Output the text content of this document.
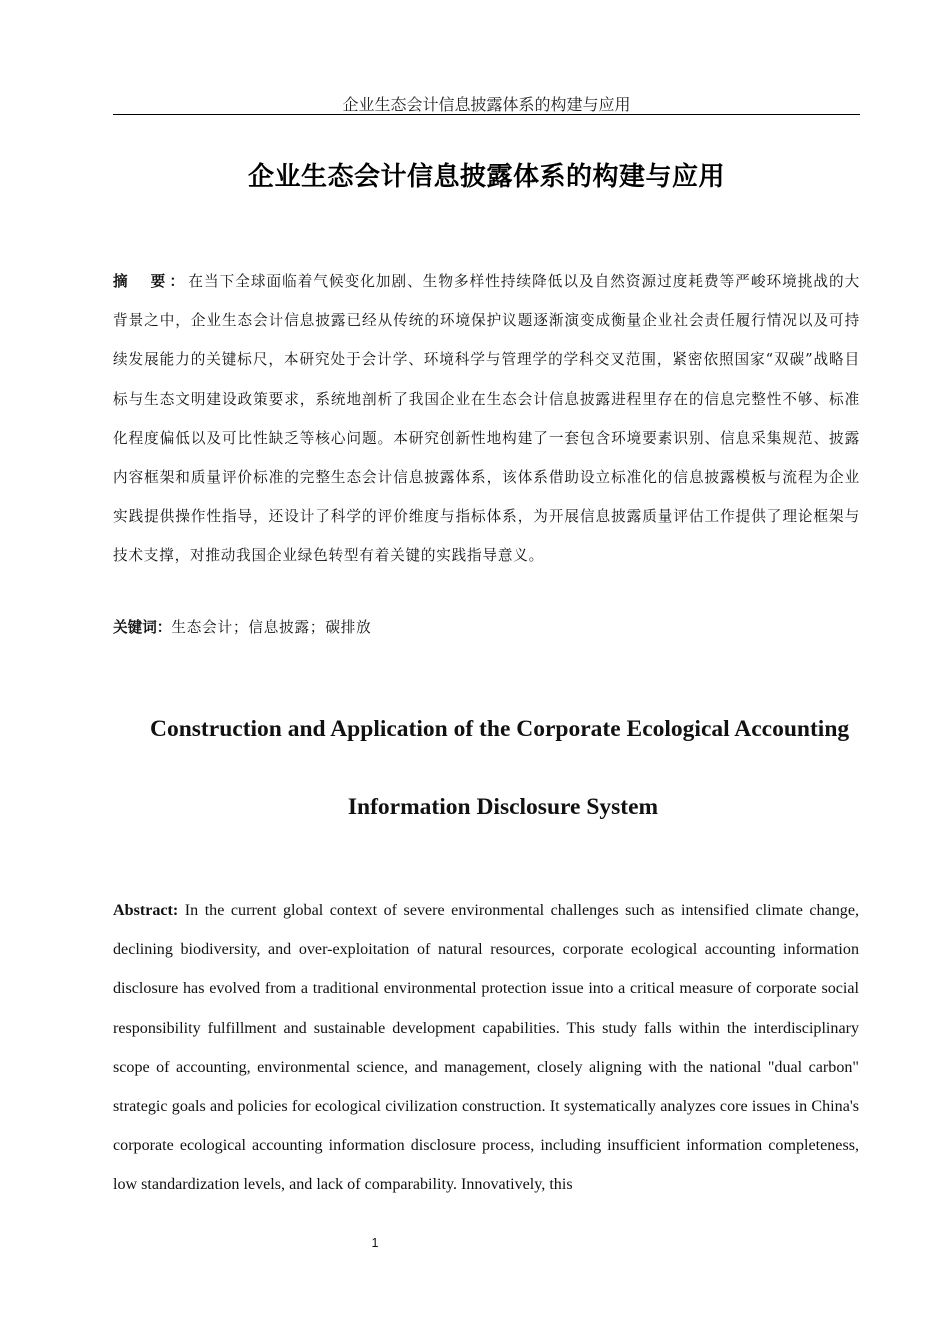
企业生态会计信息披露体系的构建与应用
企业生态会计信息披露体系的构建与应用
摘　要：在当下全球面临着气候变化加剧、生物多样性持续降低以及自然资源过度耗费等严峻环境挑战的大背景之中，企业生态会计信息披露已经从传统的环境保护议题逐渐演变成衡量企业社会责任履行情况以及可持续发展能力的关键标尺，本研究处于会计学、环境科学与管理学的学科交叉范围，紧密依照国家“双碳”战略目标与生态文明建设政策要求，系统地剖析了我国企业在生态会计信息披露进程里存在的信息完整性不够、标准化程度偏低以及可比性缺乏等核心问题。本研究创新性地构建了一套包含环境要素识别、信息采集规范、披露内容框架和质量评价标准的完整生态会计信息披露体系，该体系借助设立标准化的信息披露模板与流程为企业实践提供操作性指导，还设计了科学的评价维度与指标体系，为开展信息披露质量评估工作提供了理论框架与技术支撑，对推动我国企业绿色转型有着关键的实践指导意义。
关键词：生态会计；信息披露；碳排放
Construction and Application of the Corporate Ecological Accounting
Information Disclosure System
Abstract: In the current global context of severe environmental challenges such as intensified climate change, declining biodiversity, and over-exploitation of natural resources, corporate ecological accounting information disclosure has evolved from a traditional environmental protection issue into a critical measure of corporate social responsibility fulfillment and sustainable development capabilities. This study falls within the interdisciplinary scope of accounting, environmental science, and management, closely aligning with the national "dual carbon" strategic goals and policies for ecological civilization construction. It systematically analyzes core issues in China's corporate ecological accounting information disclosure process, including insufficient information completeness, low standardization levels, and lack of comparability. Innovatively, this
1
